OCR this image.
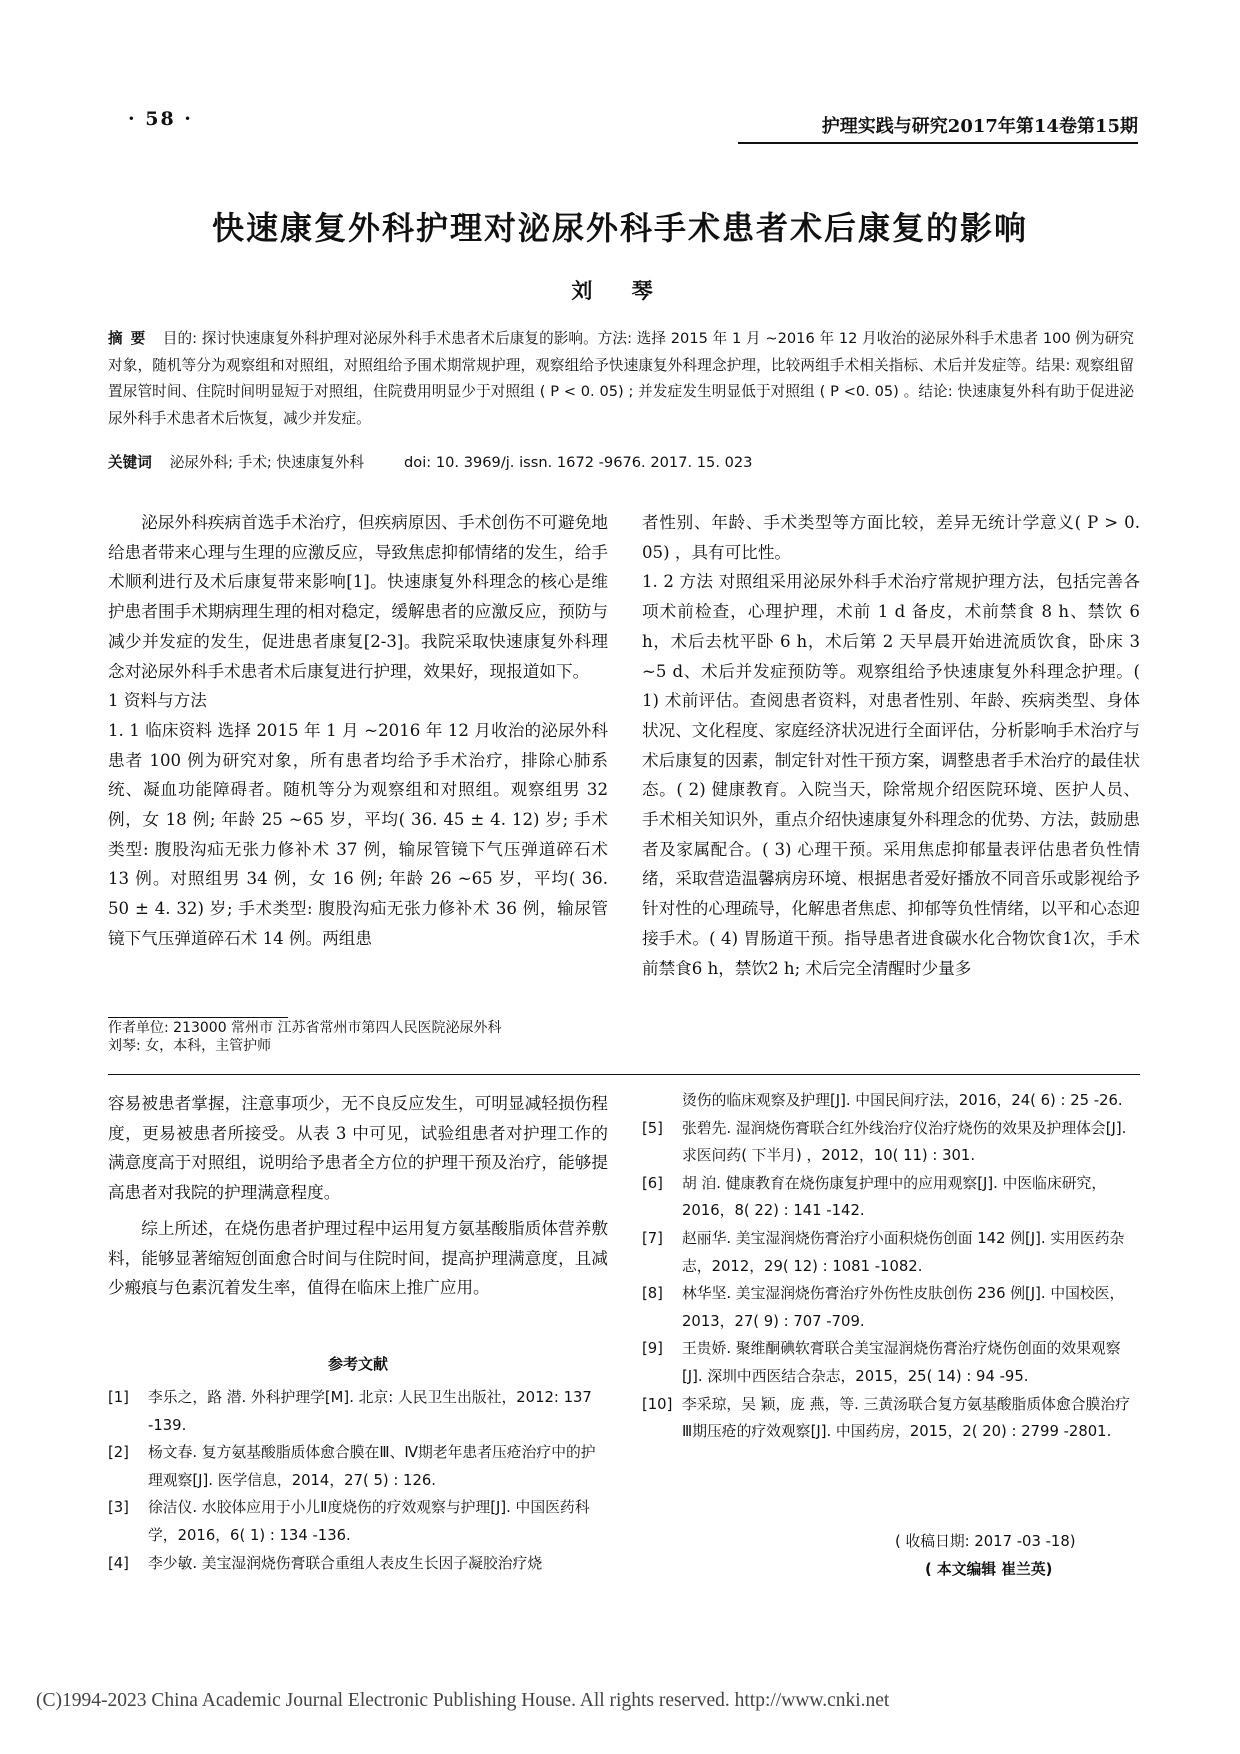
· 58 ·	护理实践与研究2017年第14卷第15期
快速康复外科护理对泌尿外科手术患者术后康复的影响
刘 琴
摘要 目的: 探讨快速康复外科护理对泌尿外科手术患者术后康复的影响。方法: 选择 2015 年 1 月 ~2016 年 12 月收治的泌尿外科手术患者 100 例为研究对象，随机等分为观察组和对照组，对照组给予围术期常规护理，观察组给予快速康复外科理念护理，比较两组手术相关指标、术后并发症等。结果: 观察组留置尿管时间、住院时间明显短于对照组，住院费用明显少于对照组 ( P < 0. 05) ; 并发症发生明显低于对照组 ( P <0. 05) 。结论: 快速康复外科有助于促进泌尿外科手术患者术后恢复，减少并发症。
关键词 泌尿外科; 手术; 快速康复外科	doi: 10. 3969/j. issn. 1672 -9676. 2017. 15. 023

泌尿外科疾病首选手术治疗，但疾病原因、手术创伤不可避免地给患者带来心理与生理的应激反应，导致焦虑抑郁情绪的发生，给手术顺利进行及术后康复带来影响[1]。快速康复外科理念的核心是维护患者围手术期病理生理的相对稳定，缓解患者的应激反应，预防与减少并发症的发生，促进患者康复[2-3]。我院采取快速康复外科理念对泌尿外科手术患者术后康复进行护理，效果好，现报道如下。

1 资料与方法

1. 1 临床资料 选择 2015 年 1 月 ~2016 年 12 月收治的泌尿外科患者 100 例为研究对象，所有患者均给予手术治疗，排除心肺系统、凝血功能障碍者。随机等分为观察组和对照组。观察组男 32 例，女 18 例; 年龄 25 ~65 岁，平均( 36. 45 ± 4. 12) 岁; 手术类型: 腹股沟疝无张力修补术 37 例，输尿管镜下气压弹道碎石术 13 例。对照组男 34 例，女 16 例; 年龄 26 ~65 岁，平均( 36. 50 ± 4. 32) 岁; 手术类型: 腹股沟疝无张力修补术 36 例，输尿管镜下气压弹道碎石术 14 例。两组患

作者单位: 213000 常州市 江苏省常州市第四人民医院泌尿外科
刘琴: 女，本科，主管护师

者性别、年龄、手术类型等方面比较，差异无统计学意义( P > 0. 05) ，具有可比性。

1. 2 方法 对照组采用泌尿外科手术治疗常规护理方法，包括完善各项术前检查，心理护理，术前 1 d 备皮，术前禁食 8 h、禁饮 6 h，术后去枕平卧 6 h，术后第 2 天早晨开始进流质饮食，卧床 3 ~5 d、术后并发症预防等。观察组给予快速康复外科理念护理。( 1) 术前评估。查阅患者资料，对患者性别、年龄、疾病类型、身体状况、文化程度、家庭经济状况进行全面评估，分析影响手术治疗与术后康复的因素，制定针对性干预方案，调整患者手术治疗的最佳状态。( 2) 健康教育。入院当天，除常规介绍医院环境、医护人员、手术相关知识外，重点介绍快速康复外科理念的优势、方法，鼓励患者及家属配合。( 3) 心理干预。采用焦虑抑郁量表评估患者负性情绪，采取营造温馨病房环境、根据患者爱好播放不同音乐或影视给予针对性的心理疏导，化解患者焦虑、抑郁等负性情绪，以平和心态迎接手术。( 4) 胃肠道干预。指导患者进食碳水化合物饮食1次，手术前禁食6 h，禁饮2 h; 术后完全清醒时少量多

容易被患者掌握，注意事项少，无不良反应发生，可明显减轻损伤程度，更易被患者所接受。从表 3 中可见，试验组患者对护理工作的满意度高于对照组，说明给予患者全方位的护理干预及治疗，能够提高患者对我院的护理满意程度。

综上所述，在烧伤患者护理过程中运用复方氨基酸脂质体营养敷料，能够显著缩短创面愈合时间与住院时间，提高护理满意度，且减少瘢痕与色素沉着发生率，值得在临床上推广应用。

参考文献
[1] 李乐之，路 潜. 外科护理学[M]. 北京: 人民卫生出版社，2012: 137 -139.
[2] 杨文春. 复方氨基酸脂质体愈合膜在Ⅲ、Ⅳ期老年患者压疮治疗中的护理观察[J]. 医学信息，2014，27( 5) : 126.
[3] 徐洁仪. 水胶体应用于小儿Ⅱ度烧伤的疗效观察与护理[J]. 中国医药科学，2016，6( 1) : 134 -136.
[4] 李少敏. 美宝湿润烧伤膏联合重组人表皮生长因子凝胶治疗烧
烫伤的临床观察及护理[J]. 中国民间疗法，2016，24( 6) : 25 -26.
[5] 张碧先. 湿润烧伤膏联合红外线治疗仪治疗烧伤的效果及护理体会[J]. 求医问药( 下半月) ，2012，10( 11) : 301.
[6] 胡 洎. 健康教育在烧伤康复护理中的应用观察[J]. 中医临床研究，2016，8( 22) : 141 -142.
[7] 赵丽华. 美宝湿润烧伤膏治疗小面积烧伤创面 142 例[J]. 实用医药杂志，2012，29( 12) : 1081 -1082.
[8] 林华坚. 美宝湿润烧伤膏治疗外伤性皮肤创伤 236 例[J]. 中国校医，2013，27( 9) : 707 -709.
[9] 王贵娇. 聚维酮碘软膏联合美宝湿润烧伤膏治疗烧伤创面的效果观察[J]. 深圳中西医结合杂志，2015，25( 14) : 94 -95.
[10] 李采琼，吴 颖，庞 燕，等. 三黄汤联合复方氨基酸脂质体愈合膜治疗Ⅲ期压疮的疗效观察[J]. 中国药房，2015，2( 20) : 2799 -2801.
( 收稿日期: 2017 -03 -18)
( 本文编辑 崔兰英)
(C)1994-2023 China Academic Journal Electronic Publishing House. All rights reserved. http://www.cnki.net
